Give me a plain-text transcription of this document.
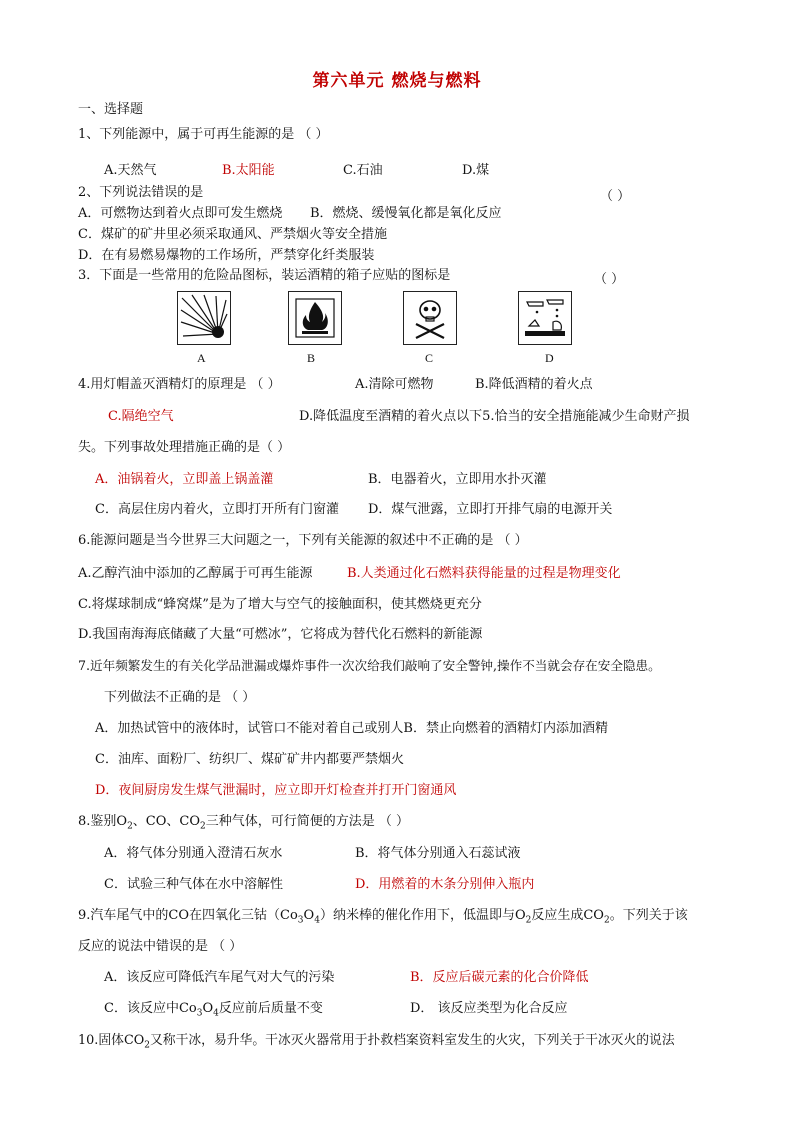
第六单元 燃烧与燃料
一、选择题
1、下列能源中，属于可再生能源的是 （ ）
A.天然气	B.太阳能	C.石油	D.煤
2、下列说法错误的是	（ ）
A．可燃物达到着火点即可发生燃烧 B．燃烧、缓慢氧化都是氧化反应
C．煤矿的矿井里必须采取通风、严禁烟火等安全措施
D．在有易燃易爆物的工作场所，严禁穿化纤类服装
3．下面是一些常用的危险品图标，装运酒精的箱子应贴的图标是	（ ）
A	B	C	D
4.用灯帽盖灭酒精灯的原理是 （ ）	A.清除可燃物	B.降低酒精的着火点
C.隔绝空气	D.降低温度至酒精的着火点以下5.恰当的安全措施能减少生命财产损
失。下列事故处理措施正确的是（ ）
A．油锅着火，立即盖上锅盖灌	B．电器着火，立即用水扑灭灌
C．高层住房内着火，立即打开所有门窗灌 D．煤气泄露，立即打开排气扇的电源开关
6.能源问题是当今世界三大问题之一，下列有关能源的叙述中不正确的是 （ ）
A.乙醇汽油中添加的乙醇属于可再生能源	B.人类通过化石燃料获得能量的过程是物理变化
C.将煤球制成“蜂窝煤”是为了增大与空气的接触面积，使其燃烧更充分
D.我国南海海底储藏了大量“可燃冰”，它将成为替代化石燃料的新能源
7.近年频繁发生的有关化学品泄漏或爆炸事件一次次给我们敲响了安全警钟,操作不当就会存在安全隐患。
下列做法不正确的是 （ ）
A．加热试管中的液体时，试管口不能对着自己或别人B．禁止向燃着的酒精灯内添加酒精
C．油库、面粉厂、纺织厂、煤矿矿井内都要严禁烟火
D．夜间厨房发生煤气泄漏时，应立即开灯检查并打开门窗通风
8.鉴别$O_2$、CO、$CO_2$三种气体，可行简便的方法是 （ ）
A．将气体分别通入澄清石灰水	B．将气体分别通入石蕊试液
C．试验三种气体在水中溶解性	D．用燃着的木条分别伸入瓶内
9.汽车尾气中的CO在四氧化三钴$(Co_3O_4)$纳米棒的催化作用下，低温即与$O_2$反应生成$CO_2$。下列关于该
反应的说法中错误的是 （ ）
A．该反应可降低汽车尾气对大气的污染	B．反应后碳元素的化合价降低
C．该反应中$Co_3O_4$反应前后质量不变	D． 该反应类型为化合反应
10.固体$CO_2$又称干冰，易升华。干冰灭火器常用于扑救档案资料室发生的火灾，下列关于干冰灭火的说法
